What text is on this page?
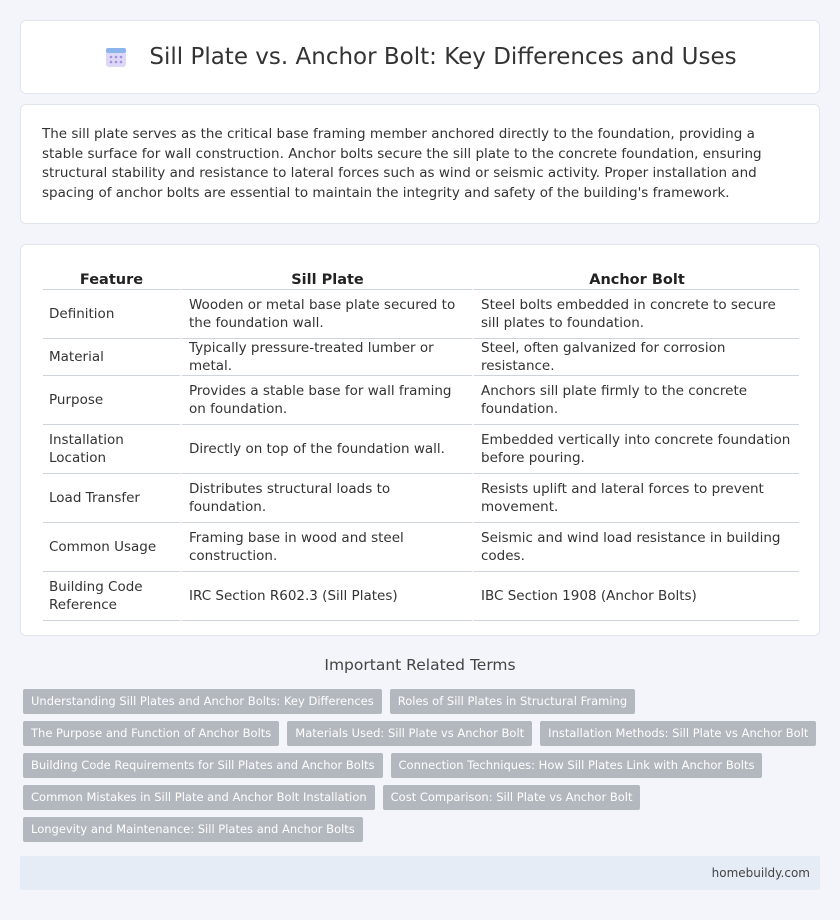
Sill Plate vs. Anchor Bolt: Key Differences and Uses

The sill plate serves as the critical base framing member anchored directly to the foundation, providing a stable surface for wall construction. Anchor bolts secure the sill plate to the concrete foundation, ensuring structural stability and resistance to lateral forces such as wind or seismic activity. Proper installation and spacing of anchor bolts are essential to maintain the integrity and safety of the building's framework.

Feature	Sill Plate	Anchor Bolt
Definition	Wooden or metal base plate secured to the foundation wall.	Steel bolts embedded in concrete to secure sill plates to foundation.
Material	Typically pressure-treated lumber or metal.	Steel, often galvanized for corrosion resistance.
Purpose	Provides a stable base for wall framing on foundation.	Anchors sill plate firmly to the concrete foundation.
Installation Location	Directly on top of the foundation wall.	Embedded vertically into concrete foundation before pouring.
Load Transfer	Distributes structural loads to foundation.	Resists uplift and lateral forces to prevent movement.
Common Usage	Framing base in wood and steel construction.	Seismic and wind load resistance in building codes.
Building Code Reference	IRC Section R602.3 (Sill Plates)	IBC Section 1908 (Anchor Bolts)
Important Related Terms
Understanding Sill Plates and Anchor Bolts: Key Differences	Roles of Sill Plates in Structural Framing
The Purpose and Function of Anchor Bolts	Materials Used: Sill Plate vs Anchor Bolt	Installation Methods: Sill Plate vs Anchor Bolt
Building Code Requirements for Sill Plates and Anchor Bolts	Connection Techniques: How Sill Plates Link with Anchor Bolts
Common Mistakes in Sill Plate and Anchor Bolt Installation	Cost Comparison: Sill Plate vs Anchor Bolt
Longevity and Maintenance: Sill Plates and Anchor Bolts
homebuildy.com
